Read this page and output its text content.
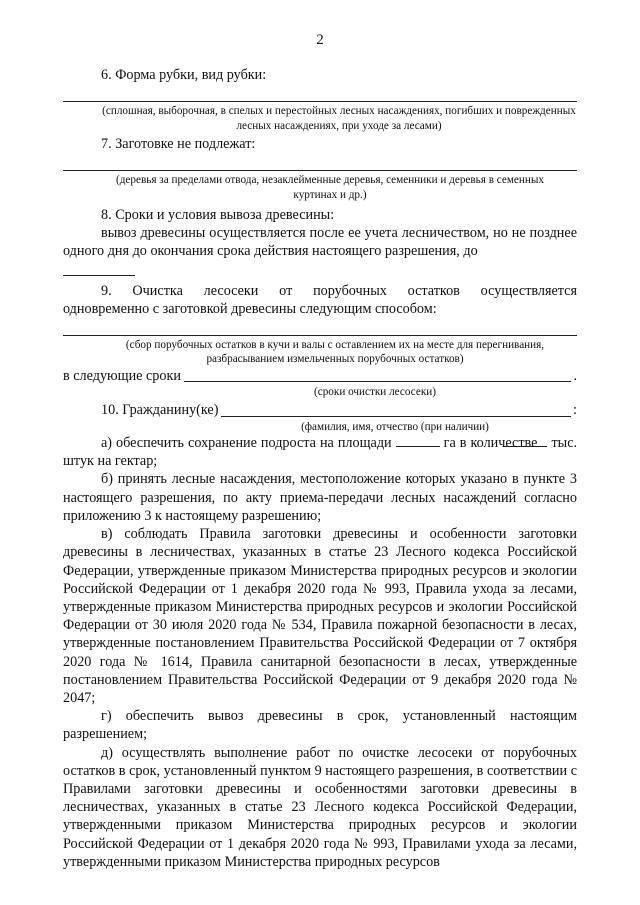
2

6. Форма рубки, вид рубки:

(сплошная, выборочная, в спелых и перестойных лесных насаждениях, погибших и поврежденных лесных насаждениях, при уходе за лесами)

7. Заготовке не подлежат:

(деревья за пределами отвода, незаклейменные деревья, семенники и деревья в семенных куртинах и др.)

8. Сроки и условия вывоза древесины:

вывоз древесины осуществляется после ее учета лесничеством, но не позднее одного дня до окончания срока действия настоящего разрешения, до

9. Очистка лесосеки от порубочных остатков осуществляется

одновременно с заготовкой древесины следующим способом:

(сбор порубочных остатков в кучи и валы с оставлением их на месте для перегнивания, разбрасыванием измельченных порубочных остатков)

в следующие сроки	.

(сроки очистки лесосеки)

10. Гражданину(ке)	:

(фамилия, имя, отчество (при наличии)

а) обеспечить сохранение подроста на площади	га в количестве тыс. штук на гектар;

б) принять лесные насаждения, местоположение которых указано в пункте 3 настоящего разрешения, по акту приема-передачи лесных насаждений согласно приложению 3 к настоящему разрешению;

в) соблюдать Правила заготовки древесины и особенности заготовки древесины в лесничествах, указанных в статье 23 Лесного кодекса Российской Федерации, утвержденные приказом Министерства природных ресурсов и экологии Российской Федерации от 1 декабря 2020 года № 993, Правила ухода за лесами, утвержденные приказом Министерства природных ресурсов и экологии Российской Федерации от 30 июля 2020 года № 534, Правила пожарной безопасности в лесах, утвержденные постановлением Правительства Российской Федерации от 7 октября 2020 года № 1614, Правила санитарной безопасности в лесах, утвержденные постановлением Правительства Российской Федерации от 9 декабря 2020 года № 2047;

г) обеспечить вывоз древесины в срок, установленный настоящим разрешением;

д) осуществлять выполнение работ по очистке лесосеки от порубочных остатков в срок, установленный пунктом 9 настоящего разрешения, в соответствии с Правилами заготовки древесины и особенностями заготовки древесины в лесничествах, указанных в статье 23 Лесного кодекса Российской Федерации, утвержденными приказом Министерства природных ресурсов и экологии Российской Федерации от 1 декабря 2020 года № 993, Правилами ухода за лесами, утвержденными приказом Министерства природных ресурсов
